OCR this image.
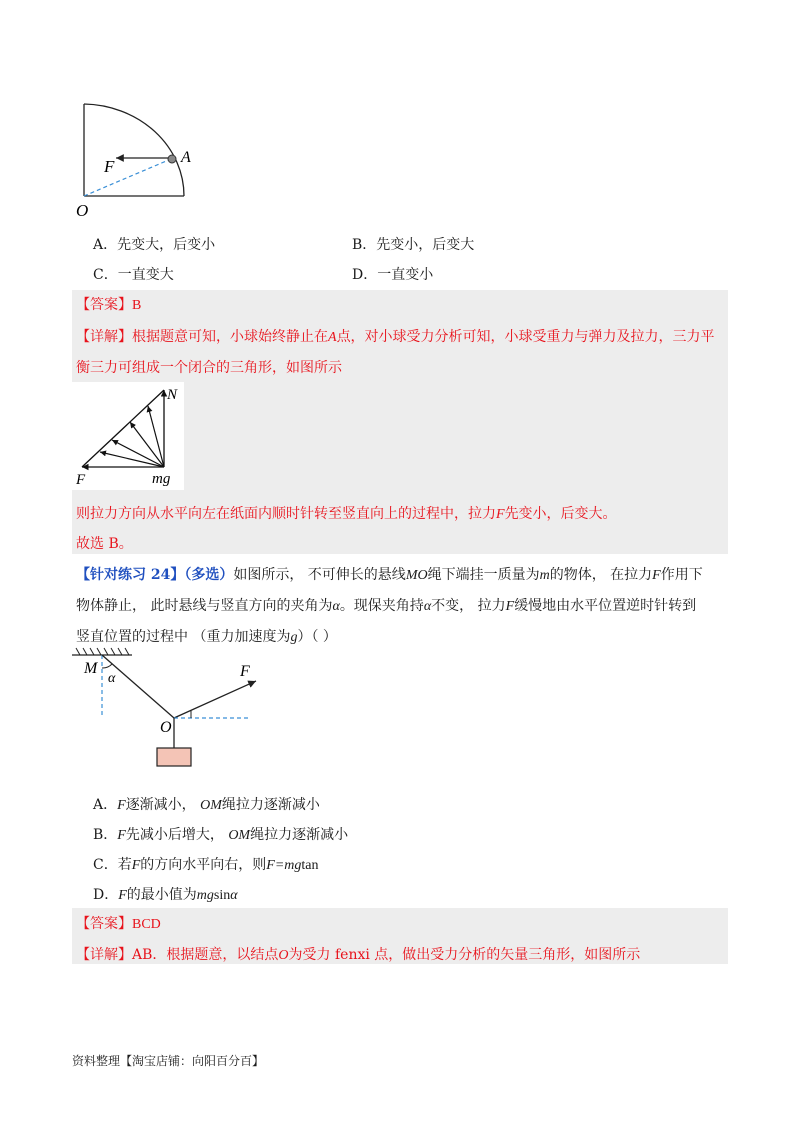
F	A
O
A．先变大，后变小	B．先变小，后变大
C．一直变大	D．一直变小
【答案】B
【详解】根据题意可知，小球始终静止在A点，对小球受力分析可知，小球受重力与弹力及拉力，三力平
衡三力可组成一个闭合的三角形，如图所示
N
F	mg
则拉力方向从水平向左在纸面内顺时针转至竖直向上的过程中，拉力F先变小，后变大。
故选 B。
【针对练习 24】（多选）如图所示， 不可伸长的悬线MO绳下端挂一质量为m的物体， 在拉力F作用下
物体静止， 此时悬线与竖直方向的夹角为α。现保夹角持α不变， 拉力F缓慢地由水平位置逆时针转到
竖直位置的过程中 （重力加速度为g）（ ）
M
α	F
O
A．F逐渐减小， OM绳拉力逐渐减小
B．F先减小后增大， OM绳拉力逐渐减小
C．若F的方向水平向右，则F=mgtan
D．F的最小值为mgsinα
【答案】BCD
【详解】AB．根据题意，以结点O为受力 fenxi 点，做出受力分析的矢量三角形，如图所示
资料整理【淘宝店铺：向阳百分百】
